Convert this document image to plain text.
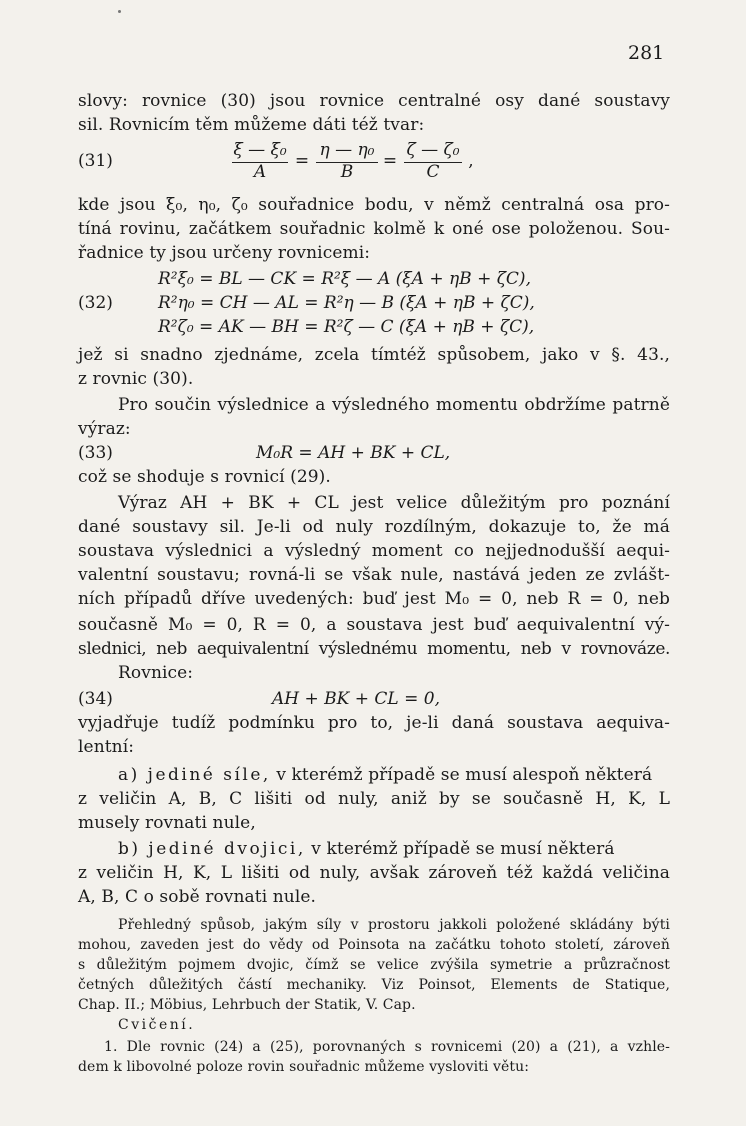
281
slovy: rovnice (30) jsou rovnice centralné osy dané soustavy
sil. Rovnicím těm můžeme dáti též tvar:
(31)
ξ — ξ₀
A
=
η — η₀
B
=
ζ — ζ₀
C
,
kde jsou ξ₀, η₀, ζ₀ souřadnice bodu, v němž centralná osa pro-
tíná rovinu, začátkem souřadnic kolmě k oné ose položenou. Sou-
řadnice ty jsou určeny rovnicemi:
R²ξ₀ = BL — CK = R²ξ — A (ξA + ηB + ζC),
(32)	R²η₀ = CH — AL = R²η — B (ξA + ηB + ζC),
R²ζ₀ = AK — BH = R²ζ — C (ξA + ηB + ζC),
jež si snadno zjednáme, zcela tímtéž spůsobem, jako v §. 43.,
z rovnic (30).
Pro součin výslednice a výsledného momentu obdržíme patrně
výraz:
(33)	M₀R = AH + BK + CL,
což se shoduje s rovnicí (29).
Výraz AH + BK + CL jest velice důležitým pro poznání
dané soustavy sil. Je-li od nuly rozdílným, dokazuje to, že má
soustava výslednici a výsledný moment co nejjednodušší aequi-
valentní soustavu; rovná-li se však nule, nastává jeden ze zvlášt-
ních případů dříve uvedených: buď jest M₀ = 0, neb R = 0, neb
současně M₀ = 0, R = 0, a soustava jest buď aequivalentní vý-
slednici, neb aequivalentní výslednému momentu, neb v rovnováze.
Rovnice:
(34)	AH + BK + CL = 0,
vyjadřuje tudíž podmínku pro to, je-li daná soustava aequiva-
lentní:
a) jediné síle, v kterémž případě se musí alespoň některá
z veličin A, B, C lišiti od nuly, aniž by se současně H, K, L
musely rovnati nule,
b) jediné dvojici, v kterémž případě se musí některá
z veličin H, K, L lišiti od nuly, avšak zároveň též každá veličina
A, B, C o sobě rovnati nule.
Přehledný spůsob, jakým síly v prostoru jakkoli položené skládány býti
mohou, zaveden jest do vědy od Poinsota na začátku tohoto století, zároveň
s důležitým pojmem dvojic, čímž se velice zvýšila symetrie a průzračnost
četných důležitých částí mechaniky. Viz Poinsot, Elements de Statique,
Chap. II.; Möbius, Lehrbuch der Statik, V. Cap.
Cvičení.
1. Dle rovnic (24) a (25), porovnaných s rovnicemi (20) a (21), a vzhle-
dem k libovolné poloze rovin souřadnic můžeme vysloviti větu:
